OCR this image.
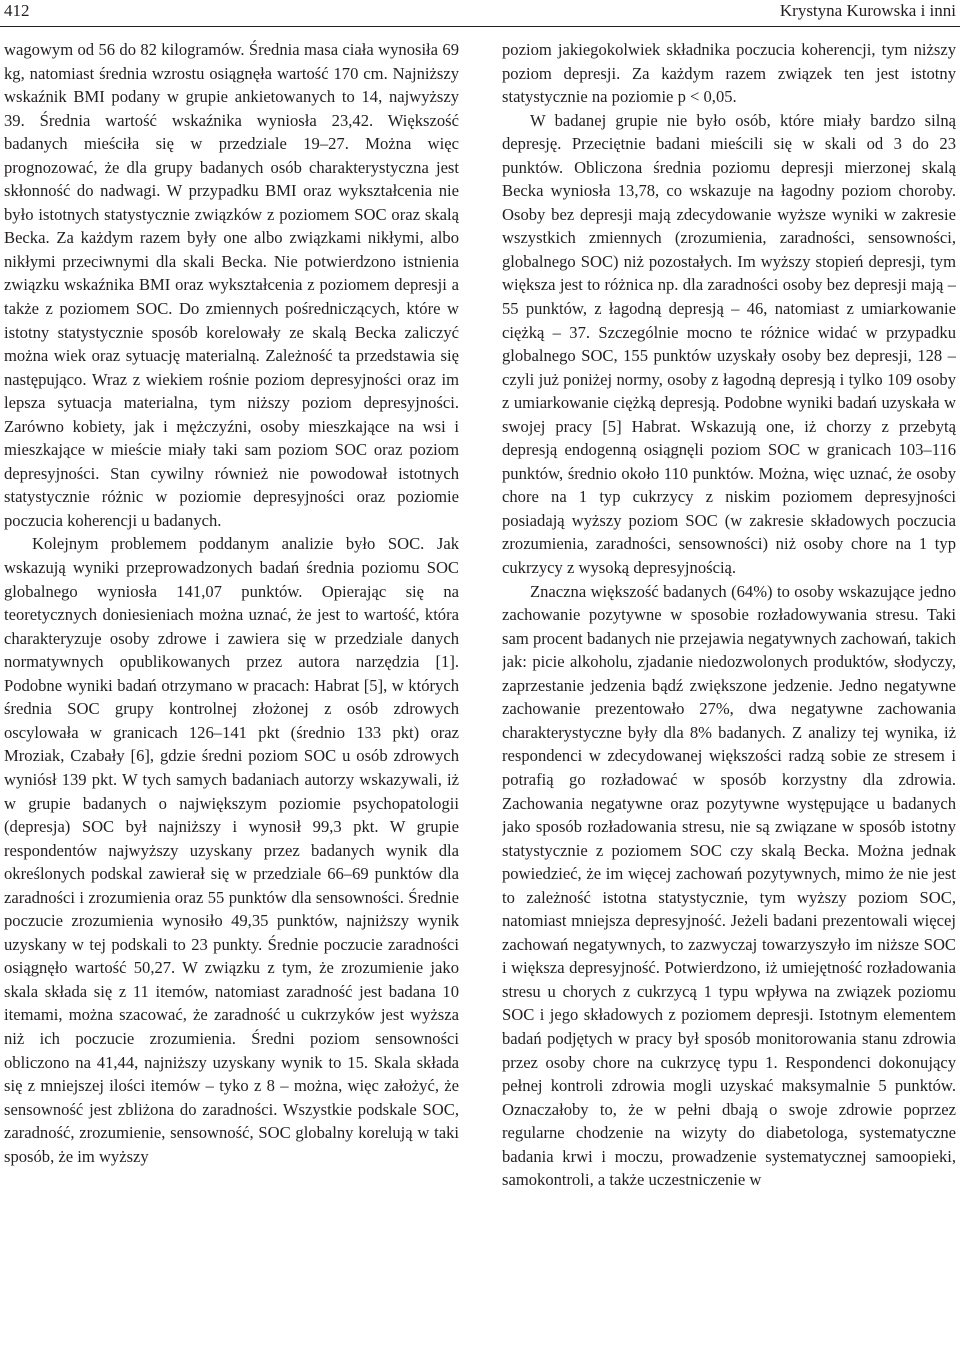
412	Krystyna Kurowska i inni

wagowym od 56 do 82 kilogramów. Średnia masa ciała wynosiła 69 kg, natomiast średnia wzrostu osiągnęła wartość 170 cm. Najniższy wskaźnik BMI podany w grupie ankietowanych to 14, najwyższy 39. Średnia wartość wskaźnika wyniosła 23,42. Większość badanych mieściła się w przedziale 19–27. Można więc prognozować, że dla grupy badanych osób charakterystyczna jest skłonność do nadwagi. W przypadku BMI oraz wykształcenia nie było istotnych statystycznie związków z poziomem SOC oraz skalą Becka. Za każdym razem były one albo związkami nikłymi, albo nikłymi przeciwnymi dla skali Becka. Nie potwierdzono istnienia związku wskaźnika BMI oraz wykształcenia z poziomem depresji a także z poziomem SOC. Do zmiennych pośredniczących, które w istotny statystycznie sposób korelowały ze skalą Becka zaliczyć można wiek oraz sytuację materialną. Zależność ta przedstawia się następująco. Wraz z wiekiem rośnie poziom depresyjności oraz im lepsza sytuacja materialna, tym niższy poziom depresyjności. Zarówno kobiety, jak i mężczyźni, osoby mieszkające na wsi i mieszkające w mieście miały taki sam poziom SOC oraz poziom depresyjności. Stan cywilny również nie powodował istotnych statystycznie różnic w poziomie depresyjności oraz poziomie poczucia koherencji u badanych.

Kolejnym problemem poddanym analizie było SOC. Jak wskazują wyniki przeprowadzonych badań średnia poziomu SOC globalnego wyniosła 141,07 punktów. Opierając się na teoretycznych doniesieniach można uznać, że jest to wartość, która charakteryzuje osoby zdrowe i zawiera się w przedziale danych normatywnych opublikowanych przez autora narzędzia [1]. Podobne wyniki badań otrzymano w pracach: Habrat [5], w których średnia SOC grupy kontrolnej złożonej z osób zdrowych oscylowała w granicach 126–141 pkt (średnio 133 pkt) oraz Mroziak, Czabały [6], gdzie średni poziom SOC u osób zdrowych wyniósł 139 pkt. W tych samych badaniach autorzy wskazywali, iż w grupie badanych o największym poziomie psychopatologii (depresja) SOC był najniższy i wynosił 99,3 pkt. W grupie respondentów najwyższy uzyskany przez badanych wynik dla określonych podskal zawierał się w przedziale 66–69 punktów dla zaradności i zrozumienia oraz 55 punktów dla sensowności. Średnie poczucie zrozumienia wynosiło 49,35 punktów, najniższy wynik uzyskany w tej podskali to 23 punkty. Średnie poczucie zaradności osiągnęło wartość 50,27. W związku z tym, że zrozumienie jako skala składa się z 11 itemów, natomiast zaradność jest badana 10 itemami, można szacować, że zaradność u cukrzyków jest wyższa niż ich poczucie zrozumienia. Średni poziom sensowności obliczono na 41,44, najniższy uzyskany wynik to 15. Skala składa się z mniejszej ilości itemów – tyko z 8 – można, więc założyć, że sensowność jest zbliżona do zaradności. Wszystkie podskale SOC, zaradność, zrozumienie, sensowność, SOC globalny korelują w taki sposób, że im wyższy

poziom jakiegokolwiek składnika poczucia koherencji, tym niższy poziom depresji. Za każdym razem związek ten jest istotny statystycznie na poziomie p < 0,05.

W badanej grupie nie było osób, które miały bardzo silną depresję. Przeciętnie badani mieścili się w skali od 3 do 23 punktów. Obliczona średnia poziomu depresji mierzonej skalą Becka wyniosła 13,78, co wskazuje na łagodny poziom choroby. Osoby bez depresji mają zdecydowanie wyższe wyniki w zakresie wszystkich zmiennych (zrozumienia, zaradności, sensowności, globalnego SOC) niż pozostałych. Im wyższy stopień depresji, tym większa jest to różnica np. dla zaradności osoby bez depresji mają – 55 punktów, z łagodną depresją – 46, natomiast z umiarkowanie ciężką – 37. Szczególnie mocno te różnice widać w przypadku globalnego SOC, 155 punktów uzyskały osoby bez depresji, 128 – czyli już poniżej normy, osoby z łagodną depresją i tylko 109 osoby z umiarkowanie ciężką depresją. Podobne wyniki badań uzyskała w swojej pracy [5] Habrat. Wskazują one, iż chorzy z przebytą depresją endogenną osiągnęli poziom SOC w granicach 103–116 punktów, średnio około 110 punktów. Można, więc uznać, że osoby chore na 1 typ cukrzycy z niskim poziomem depresyjności posiadają wyższy poziom SOC (w zakresie składowych poczucia zrozumienia, zaradności, sensowności) niż osoby chore na 1 typ cukrzycy z wysoką depresyjnością.

Znaczna większość badanych (64%) to osoby wskazujące jedno zachowanie pozytywne w sposobie rozładowywania stresu. Taki sam procent badanych nie przejawia negatywnych zachowań, takich jak: picie alkoholu, zjadanie niedozwolonych produktów, słodyczy, zaprzestanie jedzenia bądź zwiększone jedzenie. Jedno negatywne zachowanie prezentowało 27%, dwa negatywne zachowania charakterystyczne były dla 8% badanych. Z analizy tej wynika, iż respondenci w zdecydowanej większości radzą sobie ze stresem i potrafią go rozładować w sposób korzystny dla zdrowia. Zachowania negatywne oraz pozytywne występujące u badanych jako sposób rozładowania stresu, nie są związane w sposób istotny statystycznie z poziomem SOC czy skalą Becka. Można jednak powiedzieć, że im więcej zachowań pozytywnych, mimo że nie jest to zależność istotna statystycznie, tym wyższy poziom SOC, natomiast mniejsza depresyjność. Jeżeli badani prezentowali więcej zachowań negatywnych, to zazwyczaj towarzyszyło im niższe SOC i większa depresyjność. Potwierdzono, iż umiejętność rozładowania stresu u chorych z cukrzycą 1 typu wpływa na związek poziomu SOC i jego składowych z poziomem depresji. Istotnym elementem badań podjętych w pracy był sposób monitorowania stanu zdrowia przez osoby chore na cukrzycę typu 1. Respondenci dokonujący pełnej kontroli zdrowia mogli uzyskać maksymalnie 5 punktów. Oznaczałoby to, że w pełni dbają o swoje zdrowie poprzez regularne chodzenie na wizyty do diabetologa, systematyczne badania krwi i moczu, prowadzenie systematycznej samoopieki, samokontroli, a także uczestniczenie w
